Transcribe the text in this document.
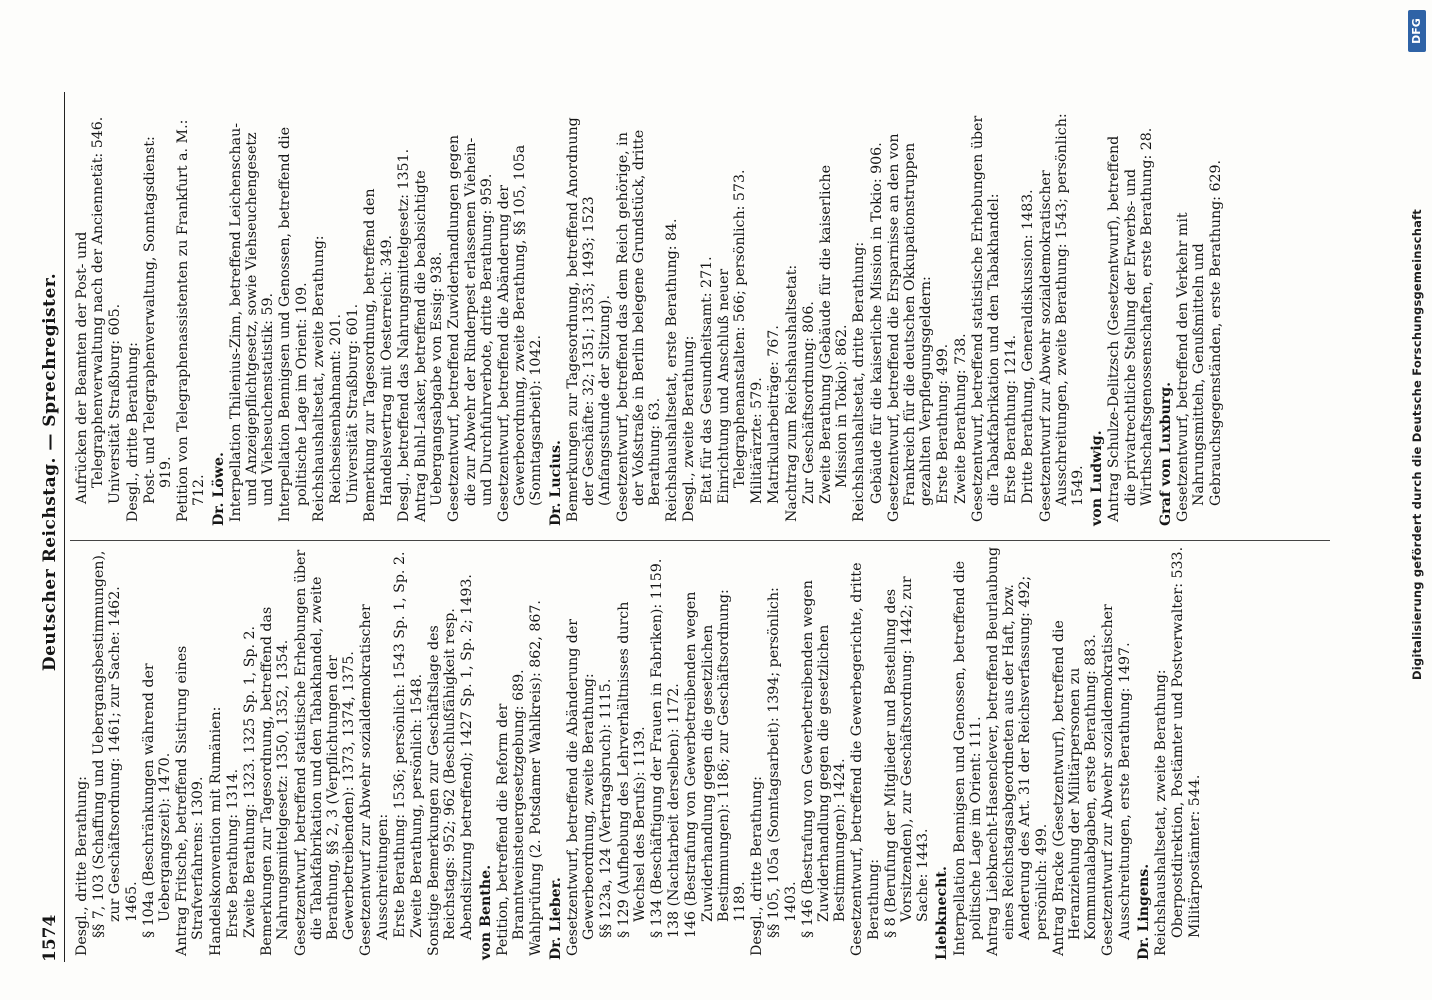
1574
Deutscher Reichstag. — Sprechregister.
Desgl., dritte Berathung: §§ 7, 103 (Schaffung und Uebergangsbestimmungen), zur Geschäftsordnung: 1461; zur Sache: 1462. 1465. § 104a (Beschränkungen während der Uebergangszeit): 1470. Antrag Fritsche, betreffend Sistirung eines Strafverfahrens: 1309. Handelskonvention mit Rumänien: Erste Berathung: 1314. Zweite Berathung: 1323. 1325 Sp. 1, Sp. 2. Bemerkungen zur Tagesordnung, betreffend das Nahrungsmittelgesetz: 1350, 1352, 1354. Gesetzentwurf, betreffend statistische Erhebungen über die Tabakfabrikation und den Tabakhandel, zweite Berathung, §§ 2, 3 (Verpflichtungen der Gewerbetreibenden): 1373, 1374, 1375. Gesetzentwurf zur Abwehr sozialdemokratischer Ausschreitungen: Erste Berathung: 1536; persönlich: 1543 Sp. 1, Sp. 2. Zweite Berathung, persönlich: 1548. Sonstige Bemerkungen zur Geschäftslage des Reichstags: 952; 962 (Beschlußfähigkeit resp. Abendsitzung betreffend); 1427 Sp. 1, Sp. 2; 1493. von Benthe. Petition, betreffend die Reform der Branntweinsteuergesetzgebung: 689. Wahlprüfung (2. Potsdamer Wahlkreis): 862, 867. Dr. Lieber. Gesetzentwurf, betreffend die Abänderung der Gewerbeordnung, zweite Berathung: §§ 123a, 124 (Vertragsbruch): 1115. § 129 (Aufhebung des Lehrverhältnisses durch Wechsel des Berufs): 1139. § 134 (Beschäftigung der Frauen in Fabriken): 1159. 138 (Nachtarbeit derselben): 1172. 146 (Bestrafung von Gewerbetreibenden wegen Zuwiderhandlung gegen die gesetzlichen Bestimmungen): 1186; zur Geschäftsordnung: 1189. Desgl., dritte Berathung: §§ 105, 105a (Sonntagsarbeit): 1394; persönlich: 1403. § 146 (Bestrafung von Gewerbetreibenden wegen Zuwiderhandlung gegen die gesetzlichen Bestimmungen): 1424. Gesetzentwurf, betreffend die Gewerbegerichte, dritte Berathung: § 8 (Berufung der Mitglieder und Bestellung des Vorsitzenden), zur Geschäftsordnung: 1442; zur Sache: 1443. Liebknecht. Interpellation Bennigsen und Genossen, betreffend die politische Lage im Orient: 111. Antrag Liebknecht-Hasenclever, betreffend Beurlaubung eines Reichstagsabgeordneten aus der Haft, bzw. Aenderung des Art. 31 der Reichsverfassung: 492; persönlich: 499. Antrag Bracke (Gesetzentwurf), betreffend die Heranziehung der Militärpersonen zu Kommunalabgaben, erste Berathung: 883. Gesetzentwurf zur Abwehr sozialdemokratischer Ausschreitungen, erste Berathung: 1497. Dr. Lingens. Reichshaushaltsetat, zweite Berathung: Oberpostdirektion, Postämter und Postverwalter: 533. Militärpostämter: 544.
Aufrücken der Beamten der Post- und Telegraphenverwaltung nach der Anciennetät: 546. Universität Straßburg: 605. Desgl., dritte Berathung: Post- und Telegraphenverwaltung, Sonntagsdienst: 919. Petition von Telegraphenassistenten zu Frankfurt a. M.: 712. Dr. Löwe. Interpellation Thilenius-Zinn, betreffend Leichenschau- und Anzeigepflichtgesetz, sowie Viehseuchengesetz und Viehseuchenstatistik: 59. Interpellation Bennigsen und Genossen, betreffend die politische Lage im Orient: 109. Reichshaushaltsetat, zweite Berathung: Reichseisenbahnamt: 201. Universität Straßburg: 601. Bemerkung zur Tagesordnung, betreffend den Handelsvertrag mit Oesterreich: 349. Desgl., betreffend das Nahrungsmittelgesetz: 1351. Antrag Buhl-Lasker, betreffend die beabsichtigte Uebergangsabgabe von Essig: 938. Gesetzentwurf, betreffend Zuwiderhandlungen gegen die zur Abwehr der Rinderpest erlassenen Viehein- und Durchfuhrverbote, dritte Berathung: 959. Gesetzentwurf, betreffend die Abänderung der Gewerbeordnung, zweite Berathung, §§ 105, 105a (Sonntagsarbeit): 1042. Dr. Lucius. Bemerkungen zur Tagesordnung, betreffend Anordnung der Geschäfte: 32; 1351; 1353; 1493; 1523 (Anfangsstunde der Sitzung). Gesetzentwurf, betreffend das dem Reich gehörige, in der Voßstraße in Berlin belegene Grundstück, dritte Berathung: 63. Reichshaushaltsetat, erste Berathung: 84. Desgl., zweite Berathung: Etat für das Gesundheitsamt: 271. Einrichtung und Anschluß neuer Telegraphenanstalten: 566; persönlich: 573. Militärärzte: 579. Matrikularbeiträge: 767. Nachtrag zum Reichshaushaltsetat: Zur Geschäftsordnung: 806. Zweite Berathung (Gebäude für die kaiserliche Mission in Tokio): 862. Reichshaushaltsetat, dritte Berathung: Gebäude für die kaiserliche Mission in Tokio: 906. Gesetzentwurf, betreffend die Ersparnisse an den von Frankreich für die deutschen Okkupationstruppen gezahlten Verpflegungsgeldern: Erste Berathung: 499. Zweite Berathung: 738. Gesetzentwurf, betreffend statistische Erhebungen über die Tabakfabrikation und den Tabakhandel: Erste Berathung: 1214. Dritte Berathung, Generaldiskussion: 1483. Gesetzentwurf zur Abwehr sozialdemokratischer Ausschreitungen, zweite Berathung: 1543; persönlich: 1549. von Ludwig. Antrag Schulze-Delitzsch (Gesetzentwurf), betreffend die privatrechtliche Stellung der Erwerbs- und Wirthschaftsgenossenschaften, erste Berathung: 28. Graf von Luxburg. Gesetzentwurf, betreffend den Verkehr mit Nahrungsmitteln, Genußmitteln und Gebrauchsgegenständen, erste Berathung: 629.	Digitalisierung gefördert durch die Deutsche Forschungsgemeinschaft
DFG
